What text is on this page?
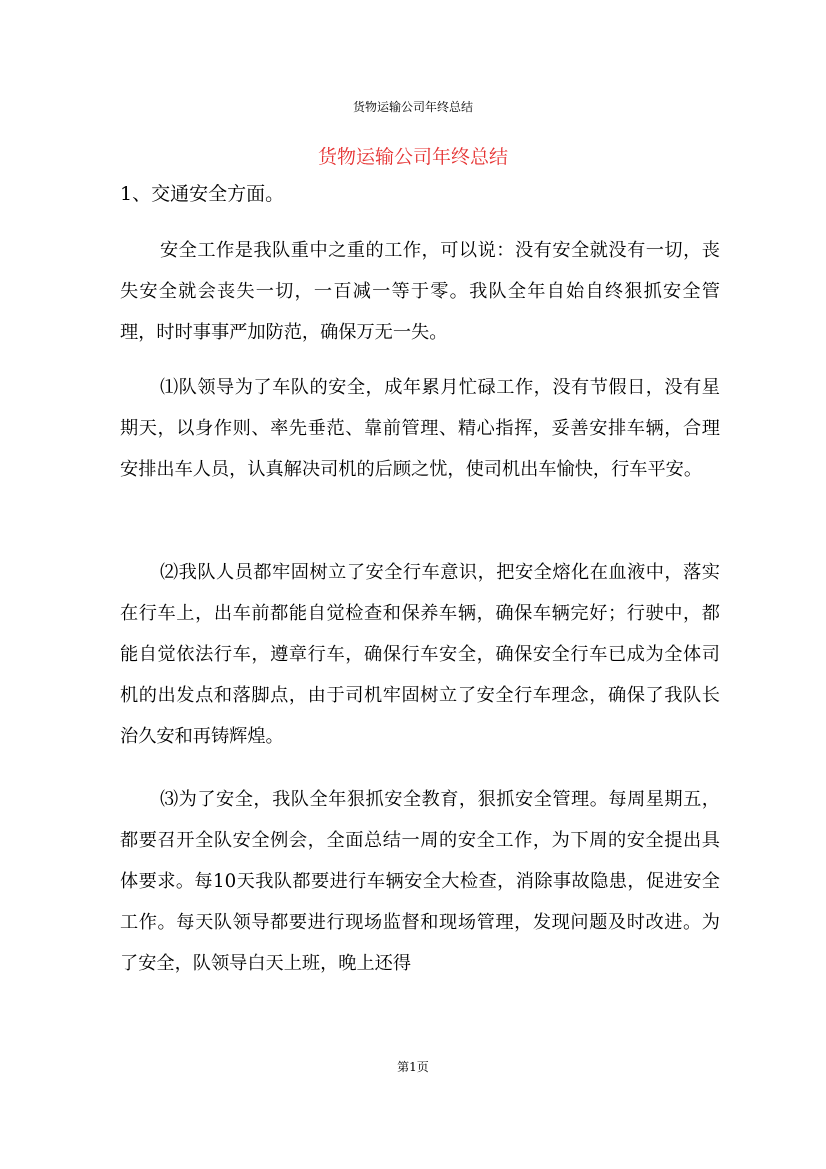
货物运输公司年终总结
货物运输公司年终总结
1、交通安全方面。

安全工作是我队重中之重的工作，可以说：没有安全就没有一切，丧失安全就会丧失一切，一百减一等于零。我队全年自始自终狠抓安全管理，时时事事严加防范，确保万无一失。

⑴队领导为了车队的安全，成年累月忙碌工作，没有节假日，没有星期天，以身作则、率先垂范、靠前管理、精心指挥，妥善安排车辆，合理安排出车人员，认真解决司机的后顾之忧，使司机出车愉快，行车平安。

⑵我队人员都牢固树立了安全行车意识，把安全熔化在血液中，落实在行车上，出车前都能自觉检查和保养车辆，确保车辆完好；行驶中，都能自觉依法行车，遵章行车，确保行车安全，确保安全行车已成为全体司机的出发点和落脚点，由于司机牢固树立了安全行车理念，确保了我队长治久安和再铸辉煌。

⑶为了安全，我队全年狠抓安全教育，狠抓安全管理。每周星期五，都要召开全队安全例会，全面总结一周的安全工作，为下周的安全提出具体要求。每10天我队都要进行车辆安全大检查，消除事故隐患，促进安全工作。每天队领导都要进行现场监督和现场管理，发现问题及时改进。为了安全，队领导白天上班，晚上还得

第1页
